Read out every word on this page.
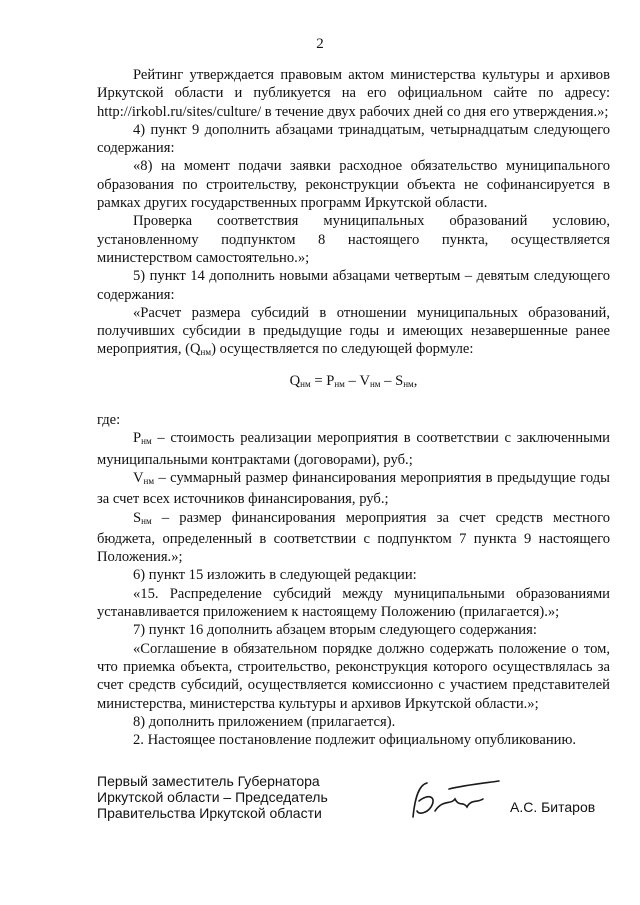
2

Рейтинг утверждается правовым актом министерства культуры и архивов Иркутской области и публикуется на его официальном сайте по адресу: http://irkobl.ru/sites/culture/ в течение двух рабочих дней со дня его утверждения.»;

4) пункт 9 дополнить абзацами тринадцатым, четырнадцатым следующего содержания:

«8) на момент подачи заявки расходное обязательство муниципального образования по строительству, реконструкции объекта не софинансируется в рамках других государственных программ Иркутской области.

Проверка соответствия муниципальных образований условию, установленному подпунктом 8 настоящего пункта, осуществляется министерством самостоятельно.»;

5) пункт 14 дополнить новыми абзацами четвертым – девятым следующего содержания:

«Расчет размера субсидий в отношении муниципальных образований, получивших субсидии в предыдущие годы и имеющих незавершенные ранее мероприятия, $(Q_{нм})$ осуществляется по следующей формуле:

$Q_{нм} = P_{нм} - V_{нм} - S_{нм}$,

где:

$P_{нм}$ – стоимость реализации мероприятия в соответствии с заключенными муниципальными контрактами (договорами), руб.;

$V_{нм}$ – суммарный размер финансирования мероприятия в предыдущие годы за счет всех источников финансирования, руб.;

$S_{нм}$ – размер финансирования мероприятия за счет средств местного бюджета, определенный в соответствии с подпунктом 7 пункта 9 настоящего Положения.»;

6) пункт 15 изложить в следующей редакции:

«15. Распределение субсидий между муниципальными образованиями устанавливается приложением к настоящему Положению (прилагается).»;

7) пункт 16 дополнить абзацем вторым следующего содержания:

«Соглашение в обязательном порядке должно содержать положение о том, что приемка объекта, строительство, реконструкция которого осуществлялась за счет средств субсидий, осуществляется комиссионно с участием представителей министерства, министерства культуры и архивов Иркутской области.»;

8) дополнить приложением (прилагается).

2. Настоящее постановление подлежит официальному опубликованию.

Первый заместитель Губернатора
Иркутской области – Председатель
Правительства Иркутской области	А.С. Битаров
